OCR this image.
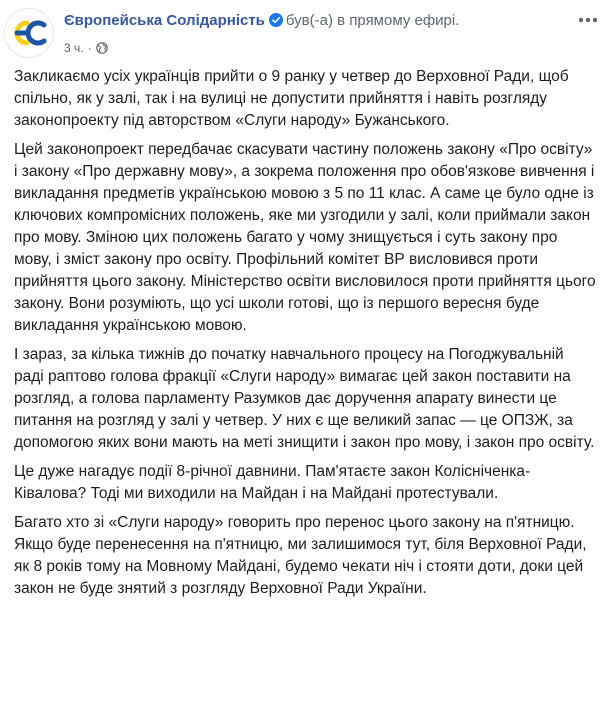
Європейська Солідарність був(-а) в прямому ефирі.
3 ч. ·

Закликаємо усіх українців прийти о 9 ранку у четвер до Верховної Ради, щоб спільно, як у залі, так і на вулиці не допустити прийняття і навіть розгляду законопроекту під авторством «Слуги народу» Бужанського.

Цей законопроект передбачає скасувати частину положень закону «Про освіту» і закону «Про державну мову», а зокрема положення про обов'язкове вивчення і викладання предметів українською мовою з 5 по 11 клас. А саме це було одне із ключових компромісних положень, яке ми узгодили у залі, коли приймали закон про мову. Зміною цих положень багато у чому знищується і суть закону про мову, і зміст закону про освіту. Профільний комітет ВР висловився проти прийняття цього закону. Міністерство освіти висловилося проти прийняття цього закону. Вони розуміють, що усі школи готові, що із першого вересня буде викладання українською мовою.

І зараз, за кілька тижнів до початку навчального процесу на Погоджувальній раді раптово голова фракції «Слуги народу» вимагає цей закон поставити на розгляд, а голова парламенту Разумков дає доручення апарату винести це питання на розгляд у залі у четвер. У них є ще великий запас — це ОПЗЖ, за допомогою яких вони мають на меті знищити і закон про мову, і закон про освіту.

Це дуже нагадує події 8-річної давнини. Пам'ятаєте закон Колісніченка-Ківалова? Тоді ми виходили на Майдан і на Майдані протестували.

Багато хто зі «Слуги народу» говорить про перенос цього закону на п'ятницю. Якщо буде перенесення на п'ятницю, ми залишимося тут, біля Верховної Ради, як 8 років тому на Мовному Майдані, будемо чекати ніч і стояти доти, доки цей закон не буде знятий з розгляду Верховної Ради України.
